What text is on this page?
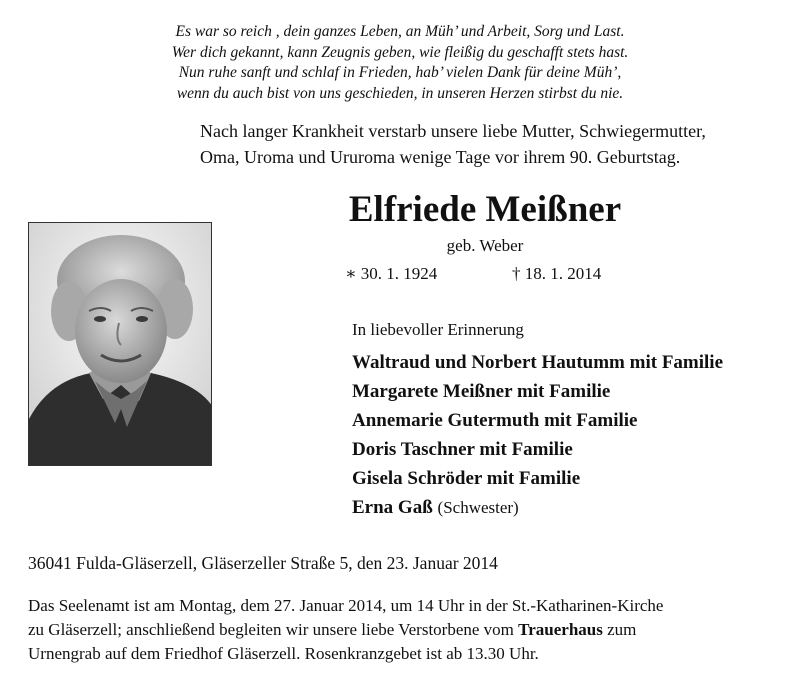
Es war so reich , dein ganzes Leben, an Müh’ und Arbeit, Sorg und Last.
Wer dich gekannt, kann Zeugnis geben, wie fleißig du geschafft stets hast.
Nun ruhe sanft und schlaf in Frieden, hab’ vielen Dank für deine Müh’,
wenn du auch bist von uns geschieden, in unseren Herzen stirbst du nie.
Nach langer Krankheit verstarb unsere liebe Mutter, Schwiegermutter,
Oma, Uroma und Ururoma wenige Tage vor ihrem 90. Geburtstag.
Elfriede Meißner
geb. Weber
∗ 30. 1. 1924	† 18. 1. 2014
In liebevoller Erinnerung
Waltraud und Norbert Hautumm mit Familie
Margarete Meißner mit Familie
Annemarie Gutermuth mit Familie
Doris Taschner mit Familie
Gisela Schröder mit Familie
Erna Gaß (Schwester)
36041 Fulda-Gläserzell, Gläserzeller Straße 5, den 23. Januar 2014
Das Seelenamt ist am Montag, dem 27. Januar 2014, um 14 Uhr in der St.-Katharinen-Kirche
zu Gläserzell; anschließend begleiten wir unsere liebe Verstorbene vom Trauerhaus zum
Urnengrab auf dem Friedhof Gläserzell. Rosenkranzgebet ist ab 13.30 Uhr.
